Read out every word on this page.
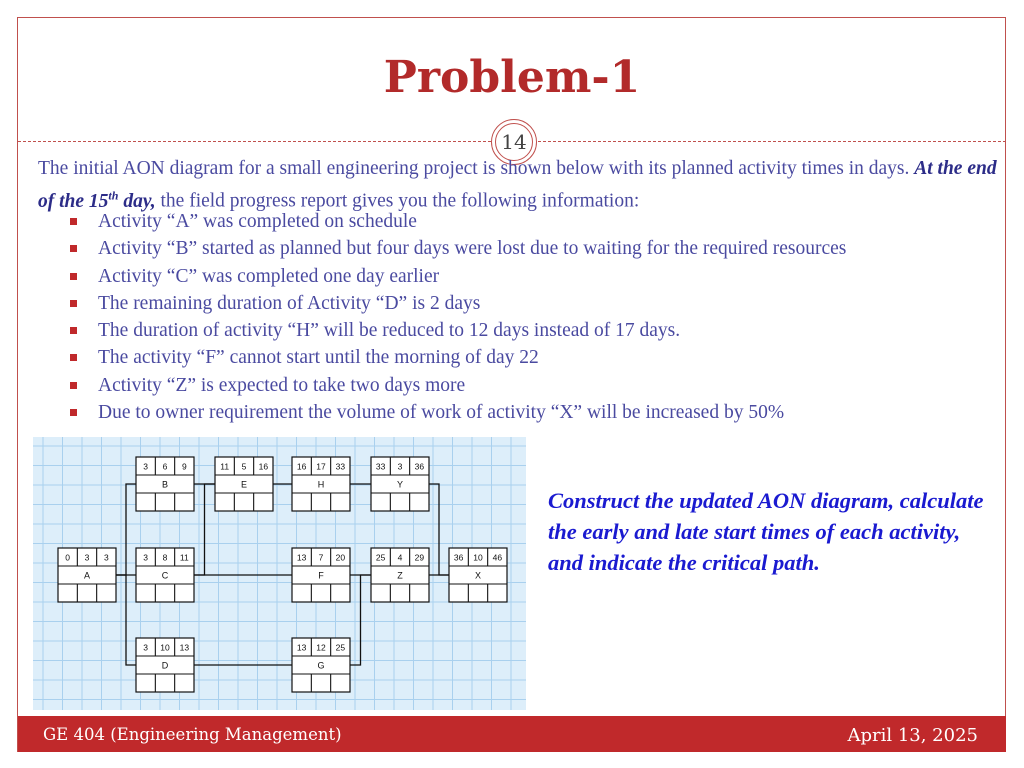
Problem-1
14
The initial AON diagram for a small engineering project is shown below with its planned activity times in days. At the end of the 15th day, the field progress report gives you the following information:
Activity “A” was completed on schedule
Activity “B” started as planned but four days were lost due to waiting for the required resources
Activity “C” was completed one day earlier
The remaining duration of Activity “D” is 2 days
The duration of activity “H” will be reduced to 12 days instead of 17 days.
The activity “F” cannot start until the morning of day 22
Activity “Z” is expected to take two days more
Due to owner requirement the volume of work of activity “X” will be increased by 50%
0 3 3
A
3 6 9
B
3 8 11
C
3 10 13
D
11 5 16
E
13 7 20
F
13 12 25
G
16 17 33
H
25 4 29
Z
33 3 36
Y
36 10 46
X
Construct the updated AON diagram, calculate the early and late start times of each activity, and indicate the critical path.
GE 404 (Engineering Management)	April 13, 2025
